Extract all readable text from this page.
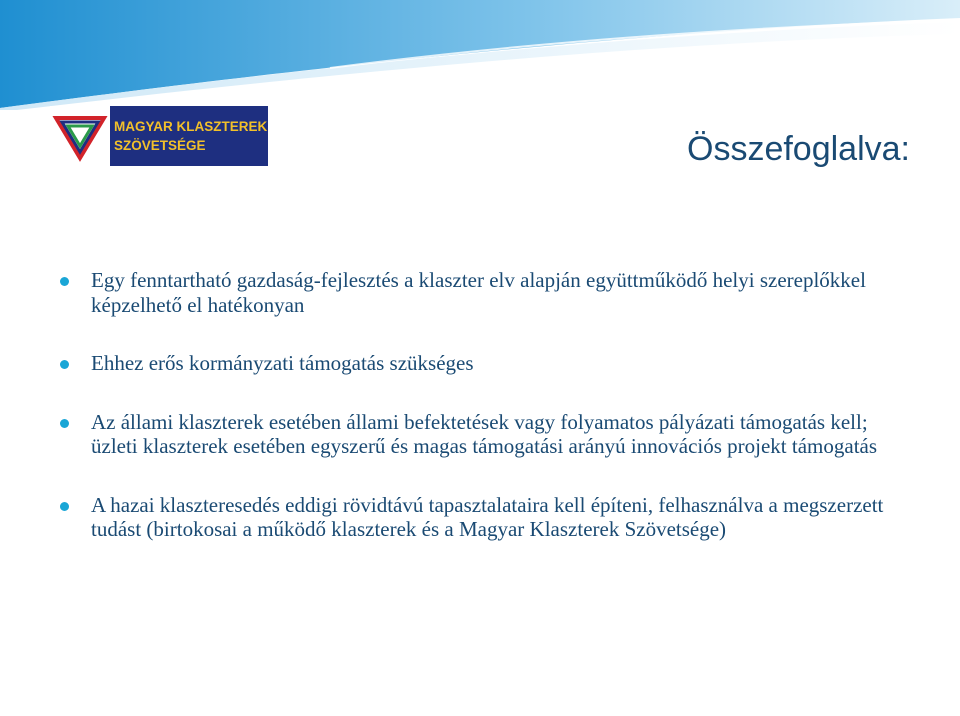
MAGYAR KLASZTEREK
SZÖVETSÉGE	Összefoglalva:
Egy fenntartható gazdaság-fejlesztés a klaszter elv alapján együttműködő helyi szereplőkkel képzelhető el hatékonyan
Ehhez erős kormányzati támogatás szükséges
Az állami klaszterek esetében állami befektetések vagy folyamatos pályázati támogatás kell; üzleti klaszterek esetében egyszerű és magas támogatási arányú innovációs projekt támogatás
A hazai klaszteresedés eddigi rövidtávú tapasztalataira kell építeni, felhasználva a megszerzett tudást (birtokosai a működő klaszterek és a Magyar Klaszterek Szövetsége)
